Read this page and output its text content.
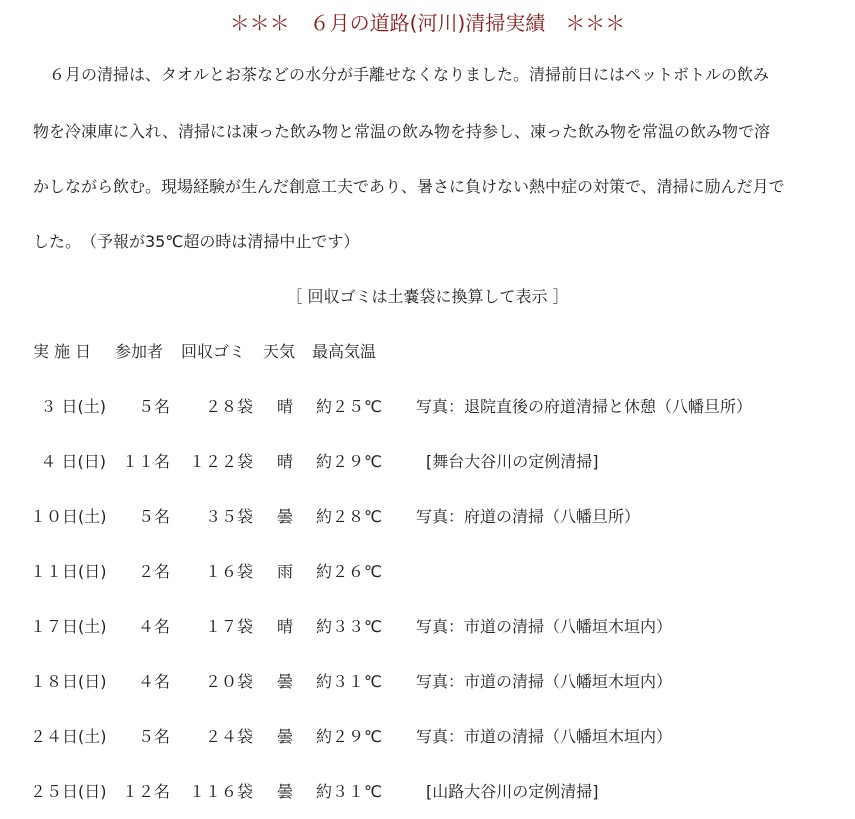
＊＊＊　６月の道路(河川)清掃実績　＊＊＊
６月の清掃は、タオルとお茶などの水分が手離せなくなりました。清掃前日にはペットボトルの飲み
物を冷凍庫に入れ、清掃には凍った飲み物と常温の飲み物を持参し、凍った飲み物を常温の飲み物で溶
かしながら飲む。現場経験が生んだ創意工夫であり、暑さに負けない熱中症の対策で、清掃に励んだ月で
した。　（予報が35℃超の時は清掃中止です）
［ 回収ゴミは土嚢袋に換算して表示 ］
実 施 日 参加者 回収ゴミ 天気 最高気温
３ 日(土)	５名	２８袋 晴 約２５℃ 写真：退院直後の府道清掃と休憩（八幡旦所）
４ 日(日) １１名 １２２袋 晴 約２９℃	[舞台大谷川の定例清掃]
１０日(土)	５名	３５袋 曇 約２８℃ 写真：府道の清掃（八幡旦所）
１１日(日)	２名	１６袋 雨 約２６℃
１７日(土)	４名	１７袋 晴 約３３℃ 写真：市道の清掃（八幡垣木垣内）
１８日(日)	４名	２０袋 曇 約３１℃ 写真：市道の清掃（八幡垣木垣内）
２４日(土)	５名	２４袋 曇 約２９℃ 写真：市道の清掃（八幡垣木垣内）
２５日(日) １２名 １１６袋 曇 約３１℃	[山路大谷川の定例清掃]
